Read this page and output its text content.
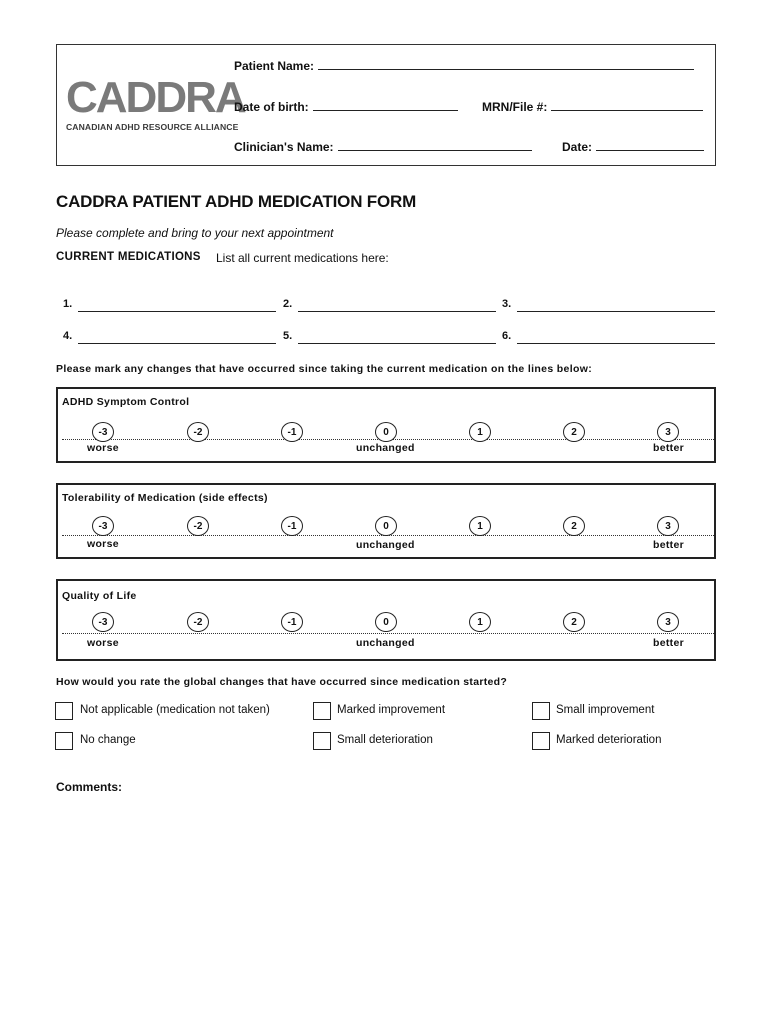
CADDRA
CANADIAN ADHD RESOURCE ALLIANCE
Patient Name:
Date of birth:	MRN/File #:
Clinician's Name:	Date:
CADDRA PATIENT ADHD MEDICATION FORM
Please complete and bring to your next appointment
CURRENT MEDICATIONS List all current medications here:
1.	2.	3.
4.	5.	6.
Please mark any changes that have occurred since taking the current medication on the lines below:
ADHD Symptom Control
-3	-2	-1	0	1	2	3
worse	unchanged	better
Tolerability of Medication (side effects)
-3	-2	-1	0	1	2	3
worse	unchanged	better
Quality of Life
-3	-2	-1	0	1	2	3
worse	unchanged	better
How would you rate the global changes that have occurred since medication started?
Not applicable (medication not taken)	Marked improvement	Small improvement
No change	Small deterioration	Marked deterioration
Comments:
